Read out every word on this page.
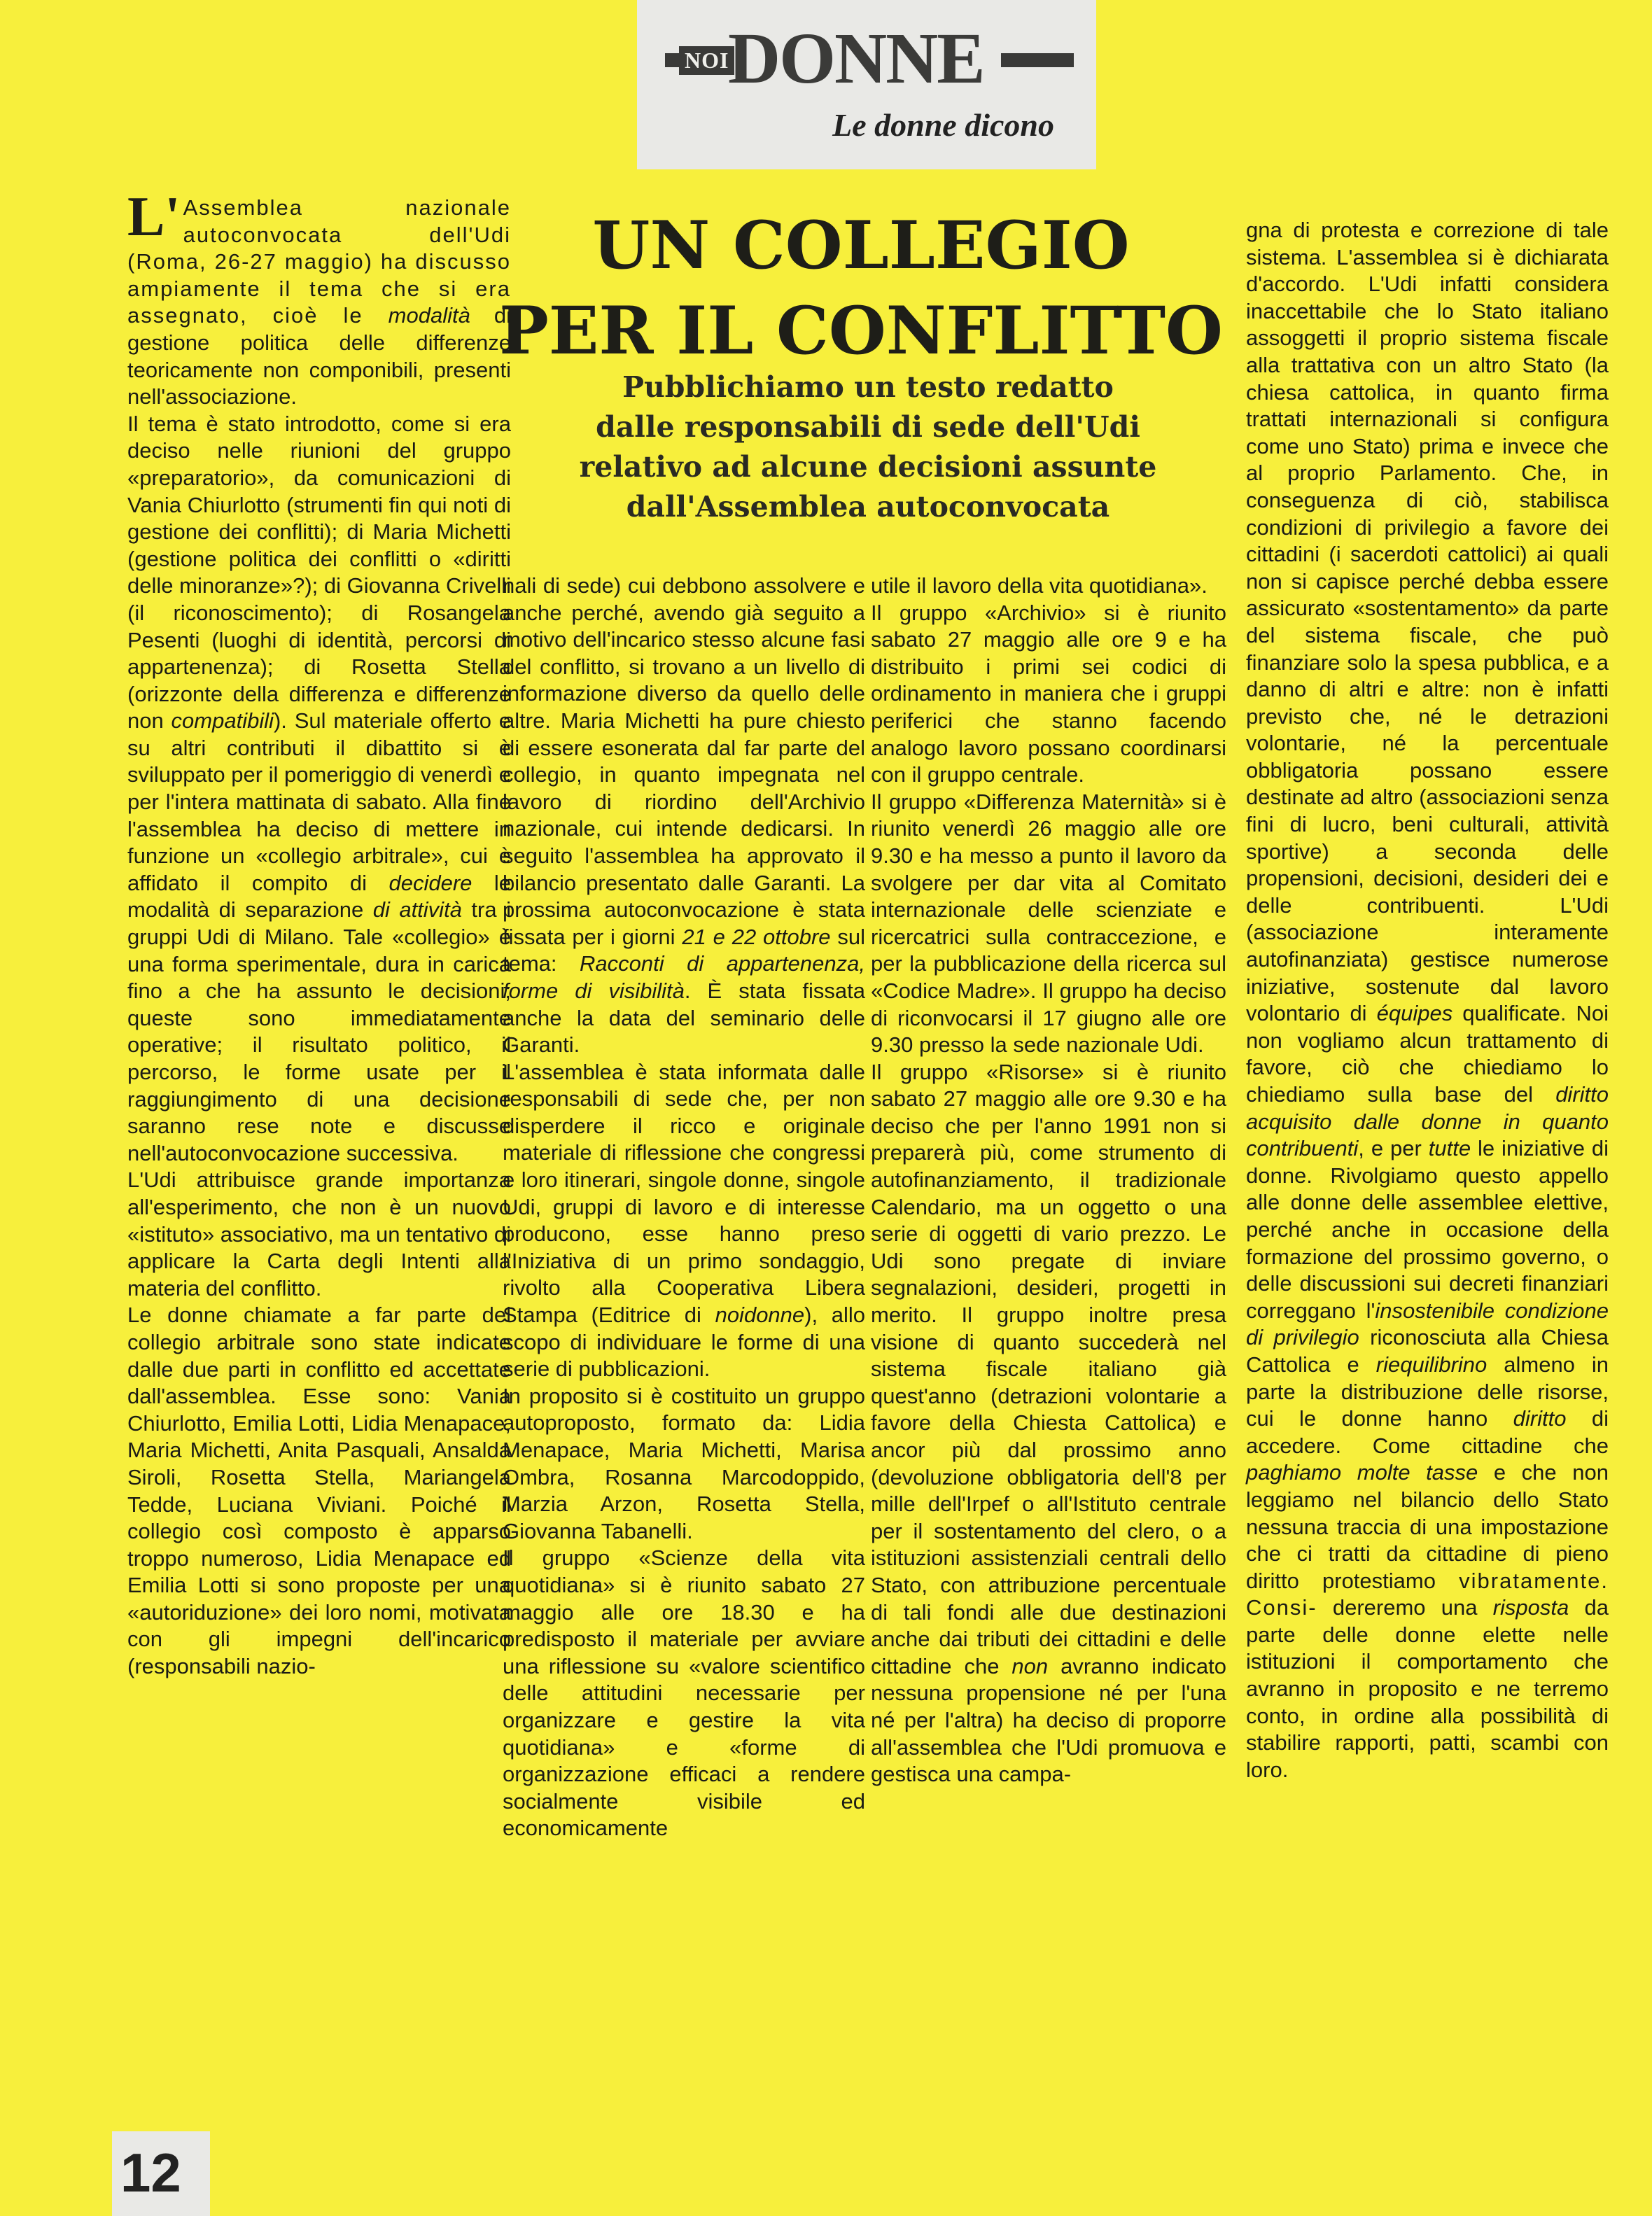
NOI
DONNE
Le donne dicono
UN COLLEGIO
PER IL CONFLITTO
Pubblichiamo un testo redatto
dalle responsabili di sede dell'Udi
relativo ad alcune decisioni assunte
dall'Assemblea autoconvocata

L' Assemblea nazionale autoconvocata dell'Udi (Roma, 26-27 maggio) ha discusso ampiamente il tema che si era assegnato, cioè le modalità di gestione politica delle differenze teoricamente non componibili, presenti nell'associazione.

Il tema è stato introdotto, come si era deciso nelle riunioni del gruppo «preparatorio», da comunicazioni di Vania Chiurlotto (strumenti fin qui noti di gestione dei conflitti); di Maria Michetti (gestione politica dei conflitti o «diritti delle minoranze»?); di Giovanna Crivelli (il riconoscimento); di Rosangela Pesenti (luoghi di identità, percorsi di appartenenza); di Rosetta Stella (orizzonte della differenza e differenze non compatibili). Sul materiale offerto e su altri contributi il dibattito si è sviluppato per il pomeriggio di venerdì e per l'intera mattinata di sabato. Alla fine l'assemblea ha deciso di mettere in funzione un «collegio arbitrale», cui è affidato il compito di decidere le modalità di separazione di attività tra i gruppi Udi di Milano. Tale «collegio» è una forma sperimentale, dura in carica fino a che ha assunto le decisioni; queste sono immediatamente operative; il risultato politico, il percorso, le forme usate per il raggiungimento di una decisione saranno rese note e discusse nell'autoconvocazione successiva.

L'Udi attribuisce grande importanza all'esperimento, che non è un nuovo «istituto» associativo, ma un tentativo di applicare la Carta degli Intenti alla materia del conflitto.

Le donne chiamate a far parte del collegio arbitrale sono state indicate dalle due parti in conflitto ed accettate dall'assemblea. Esse sono: Vania Chiurlotto, Emilia Lotti, Lidia Menapace, Maria Michetti, Anita Pasquali, Ansalda Siroli, Rosetta Stella, Mariangela Tedde, Luciana Viviani. Poiché il collegio così composto è apparso troppo numeroso, Lidia Menapace ed Emilia Lotti si sono proposte per una «autoriduzione» dei loro nomi, motivata con gli impegni dell'incarico (responsabili nazio-

nali di sede) cui debbono assolvere e anche perché, avendo già seguito a motivo dell'incarico stesso alcune fasi del conflitto, si trovano a un livello di informazione diverso da quello delle altre. Maria Michetti ha pure chiesto di essere esonerata dal far parte del collegio, in quanto impegnata nel lavoro di riordino dell'Archivio nazionale, cui intende dedicarsi. In seguito l'assemblea ha approvato il bilancio presentato dalle Garanti. La prossima autoconvocazione è stata fissata per i giorni 21 e 22 ottobre sul tema: Racconti di appartenenza, forme di visibilità. È stata fissata anche la data del seminario delle Garanti.

L'assemblea è stata informata dalle responsabili di sede che, per non disperdere il ricco e originale materiale di riflessione che congressi e loro itinerari, singole donne, singole Udi, gruppi di lavoro e di interesse producono, esse hanno preso l'Iniziativa di un primo sondaggio, rivolto alla Cooperativa Libera Stampa (Editrice di noidonne), allo scopo di individuare le forme di una serie di pubblicazioni.

In proposito si è costituito un gruppo autoproposto, formato da: Lidia Menapace, Maria Michetti, Marisa Ombra, Rosanna Marcodoppido, Marzia Arzon, Rosetta Stella, Giovanna Tabanelli.

Il gruppo «Scienze della vita quotidiana» si è riunito sabato 27 maggio alle ore 18.30 e ha predisposto il materiale per avviare una riflessione su «valore scientifico delle attitudini necessarie per organizzare e gestire la vita quotidiana» e «forme di organizzazione efficaci a rendere socialmente visibile ed economicamente

utile il lavoro della vita quotidiana».

Il gruppo «Archivio» si è riunito sabato 27 maggio alle ore 9 e ha distribuito i primi sei codici di ordinamento in maniera che i gruppi periferici che stanno facendo analogo lavoro possano coordinarsi con il gruppo centrale.

Il gruppo «Differenza Maternità» si è riunito venerdì 26 maggio alle ore 9.30 e ha messo a punto il lavoro da svolgere per dar vita al Comitato internazionale delle scienziate e ricercatrici sulla contraccezione, e per la pubblicazione della ricerca sul «Codice Madre». Il gruppo ha deciso di riconvocarsi il 17 giugno alle ore 9.30 presso la sede nazionale Udi.

Il gruppo «Risorse» si è riunito sabato 27 maggio alle ore 9.30 e ha deciso che per l'anno 1991 non si preparerà più, come strumento di autofinanziamento, il tradizionale Calendario, ma un oggetto o una serie di oggetti di vario prezzo. Le Udi sono pregate di inviare segnalazioni, desideri, progetti in merito. Il gruppo inoltre presa visione di quanto succederà nel sistema fiscale italiano già quest'anno (detrazioni volontarie a favore della Chiesta Cattolica) e ancor più dal prossimo anno (devoluzione obbligatoria dell'8 per mille dell'Irpef o all'Istituto centrale per il sostentamento del clero, o a istituzioni assistenziali centrali dello Stato, con attribuzione percentuale di tali fondi alle due destinazioni anche dai tributi dei cittadini e delle cittadine che non avranno indicato nessuna propensione né per l'una né per l'altra) ha deciso di proporre all'assemblea che l'Udi promuova e gestisca una campa-

gna di protesta e correzione di tale sistema. L'assemblea si è dichiarata d'accordo. L'Udi infatti considera inaccettabile che lo Stato italiano assoggetti il proprio sistema fiscale alla trattativa con un altro Stato (la chiesa cattolica, in quanto firma trattati internazionali si configura come uno Stato) prima e invece che al proprio Parlamento. Che, in conseguenza di ciò, stabilisca condizioni di privilegio a favore dei cittadini (i sacerdoti cattolici) ai quali non si capisce perché debba essere assicurato «sostentamento» da parte del sistema fiscale, che può finanziare solo la spesa pubblica, e a danno di altri e altre: non è infatti previsto che, né le detrazioni volontarie, né la percentuale obbligatoria possano essere destinate ad altro (associazioni senza fini di lucro, beni culturali, attività sportive) a seconda delle propensioni, decisioni, desideri dei e delle contribuenti. L'Udi (associazione interamente autofinanziata) gestisce numerose iniziative, sostenute dal lavoro volontario di équipes qualificate. Noi non vogliamo alcun trattamento di favore, ciò che chiediamo lo chiediamo sulla base del diritto acquisito dalle donne in quanto contribuenti, e per tutte le iniziative di donne. Rivolgiamo questo appello alle donne delle assemblee elettive, perché anche in occasione della formazione del prossimo governo, o delle discussioni sui decreti finanziari correggano l'insostenibile condizione di privilegio riconosciuta alla Chiesa Cattolica e riequilibrino almeno in parte la distribuzione delle risorse, cui le donne hanno diritto di accedere. Come cittadine che paghiamo molte tasse e che non leggiamo nel bilancio dello Stato nessuna traccia di una impostazione che ci tratti da cittadine di pieno diritto protestiamo vibratamente. Consi- dereremo una risposta da parte delle donne elette nelle istituzioni il comportamento che avranno in proposito e ne terremo conto, in ordine alla possibilità di stabilire rapporti, patti, scambi con loro.

12
